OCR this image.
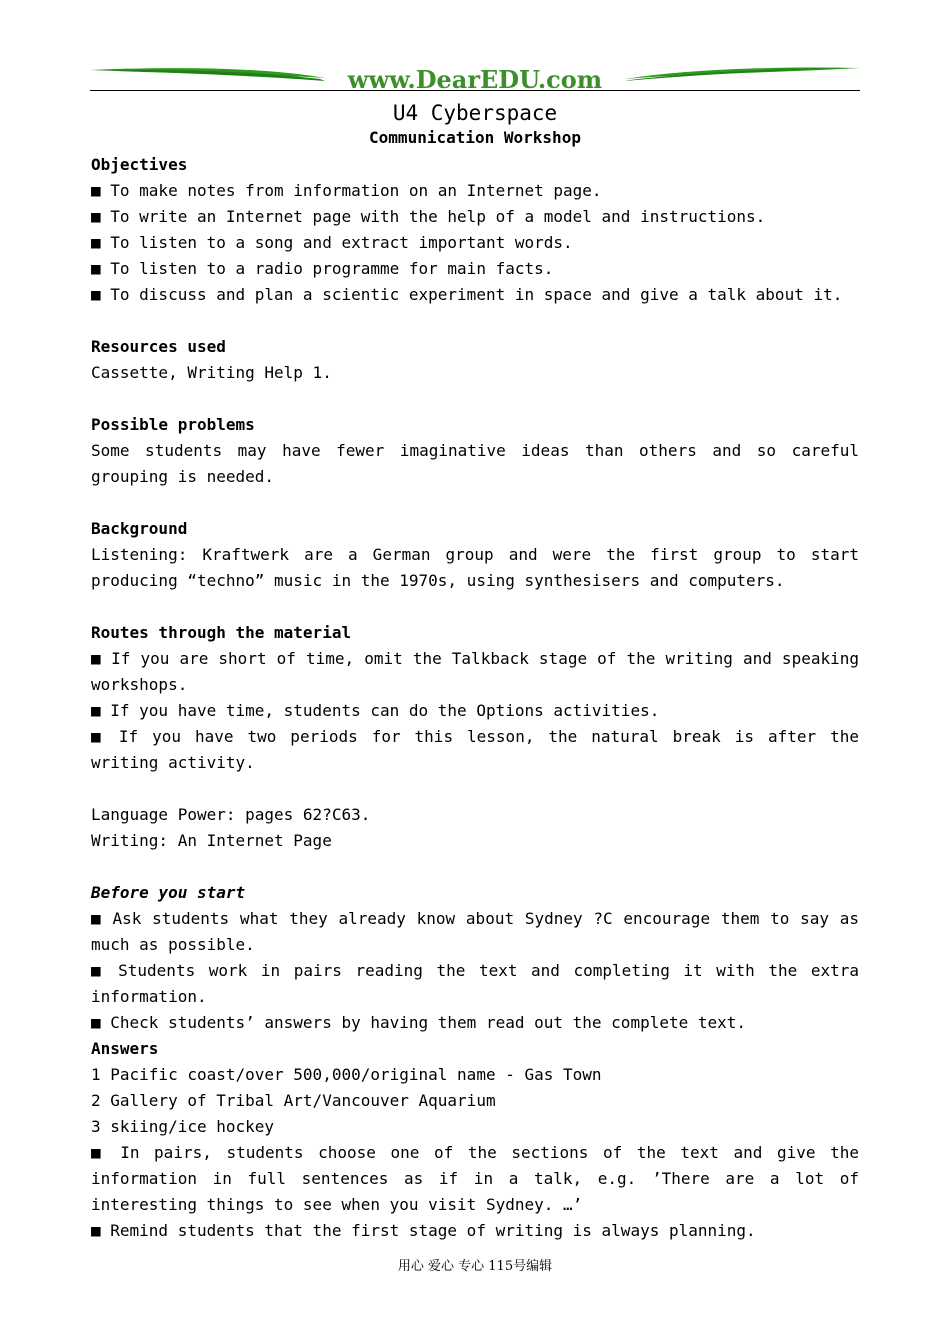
www.DearEDU.com
U4 Cyberspace
Communication Workshop
Objectives
■ To make notes from information on an Internet page.
■ To write an Internet page with the help of a model and instructions.
■ To listen to a song and extract important words.
■ To listen to a radio programme for main facts.
■ To discuss and plan a scientic experiment in space and give a talk about it.
Resources used
Cassette, Writing Help 1.
Possible problems
Some students may have fewer imaginative ideas than others and so careful grouping is needed.
Background
Listening: Kraftwerk are a German group and were the first group to start producing “techno” music in the 1970s, using synthesisers and computers.
Routes through the material
■ If you are short of time, omit the Talkback stage of the writing and speaking workshops.
■ If you have time, students can do the Options activities.
■ If you have two periods for this lesson, the natural break is after the writing activity.
Language Power: pages 62?C63.
Writing: An Internet Page
Before you start
■ Ask students what they already know about Sydney ?C encourage them to say as much as possible.
■ Students work in pairs reading the text and completing it with the extra information.
■ Check students’ answers by having them read out the complete text.
Answers
1 Pacific coast/over 500,000/original name - Gas Town
2 Gallery of Tribal Art/Vancouver Aquarium
3 skiing/ice hockey
■ In pairs, students choose one of the sections of the text and give the information in full sentences as if in a talk, e.g. ’There are a lot of interesting things to see when you visit Sydney. …’
■ Remind students that the first stage of writing is always planning.
用心 爱心 专心 115号编辑
